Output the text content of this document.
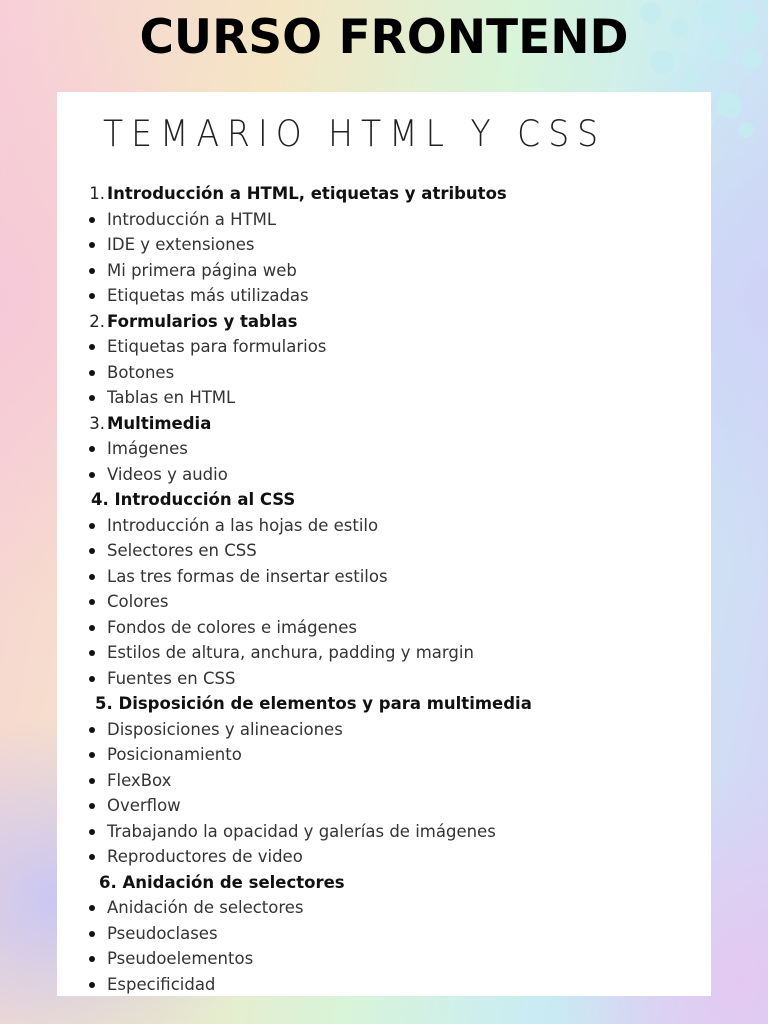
CURSO FRONTEND
TEMARIO HTML Y CSS
1. Introducción a HTML, etiquetas y atributos
Introducción a HTML
IDE y extensiones
Mi primera página web
Etiquetas más utilizadas
2. Formularios y tablas
Etiquetas para formularios
Botones
Tablas en HTML
3. Multimedia
Imágenes
Videos y audio
4. Introducción al CSS
Introducción a las hojas de estilo
Selectores en CSS
Las tres formas de insertar estilos
Colores
Fondos de colores e imágenes
Estilos de altura, anchura, padding y margin
Fuentes en CSS
5. Disposición de elementos y para multimedia
Disposiciones y alineaciones
Posicionamiento
FlexBox
Overflow
Trabajando la opacidad y galerías de imágenes
Reproductores de video
6. Anidación de selectores
Anidación de selectores
Pseudoclases
Pseudoelementos
Especificidad
